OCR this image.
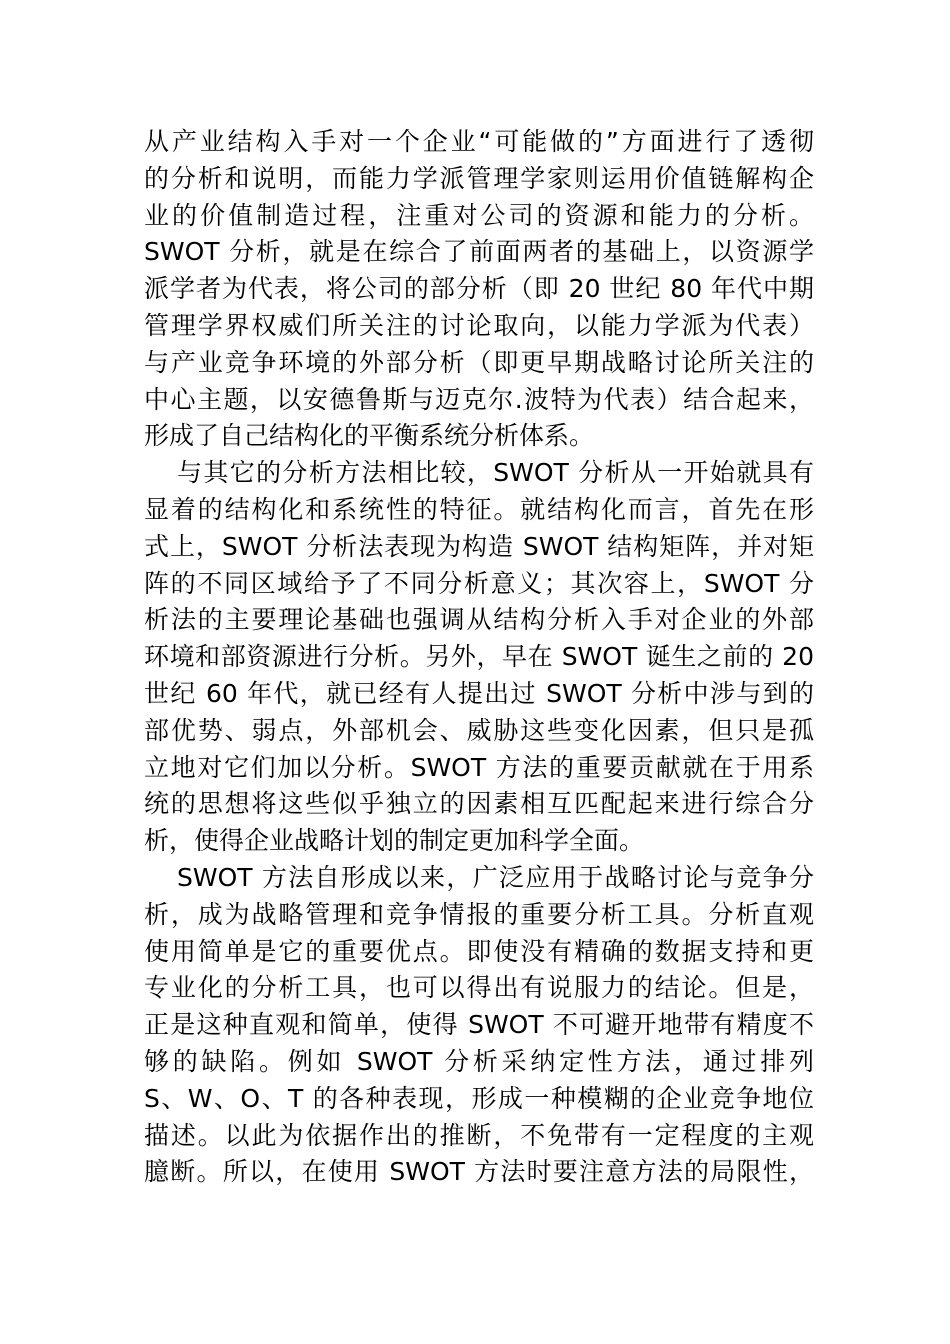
从产业结构入手对一个企业“可能做的”方面进行了透彻
的分析和说明，而能力学派管理学家则运用价值链解构企
业的价值制造过程，注重对公司的资源和能力的分析。
SWOT 分析，就是在综合了前面两者的基础上，以资源学
派学者为代表，将公司的部分析（即 20 世纪 80 年代中期
管理学界权威们所关注的讨论取向，以能力学派为代表）
与产业竞争环境的外部分析（即更早期战略讨论所关注的
中心主题，以安德鲁斯与迈克尔.波特为代表）结合起来，
形成了自己结构化的平衡系统分析体系。
与其它的分析方法相比较，SWOT 分析从一开始就具有
显着的结构化和系统性的特征。就结构化而言，首先在形
式上，SWOT 分析法表现为构造 SWOT 结构矩阵，并对矩
阵的不同区域给予了不同分析意义；其次容上，SWOT 分
析法的主要理论基础也强调从结构分析入手对企业的外部
环境和部资源进行分析。另外，早在 SWOT 诞生之前的 20
世纪 60 年代，就已经有人提出过 SWOT 分析中涉与到的
部优势、弱点，外部机会、威胁这些变化因素，但只是孤
立地对它们加以分析。SWOT 方法的重要贡献就在于用系
统的思想将这些似乎独立的因素相互匹配起来进行综合分
析，使得企业战略计划的制定更加科学全面。
SWOT 方法自形成以来，广泛应用于战略讨论与竞争分
析，成为战略管理和竞争情报的重要分析工具。分析直观
使用简单是它的重要优点。即使没有精确的数据支持和更
专业化的分析工具，也可以得出有说服力的结论。但是，
正是这种直观和简单，使得 SWOT 不可避开地带有精度不
够的缺陷。例如 SWOT 分析采纳定性方法，通过排列
S、W、O、T 的各种表现，形成一种模糊的企业竞争地位
描述。以此为依据作出的推断，不免带有一定程度的主观
臆断。所以，在使用 SWOT 方法时要注意方法的局限性，
